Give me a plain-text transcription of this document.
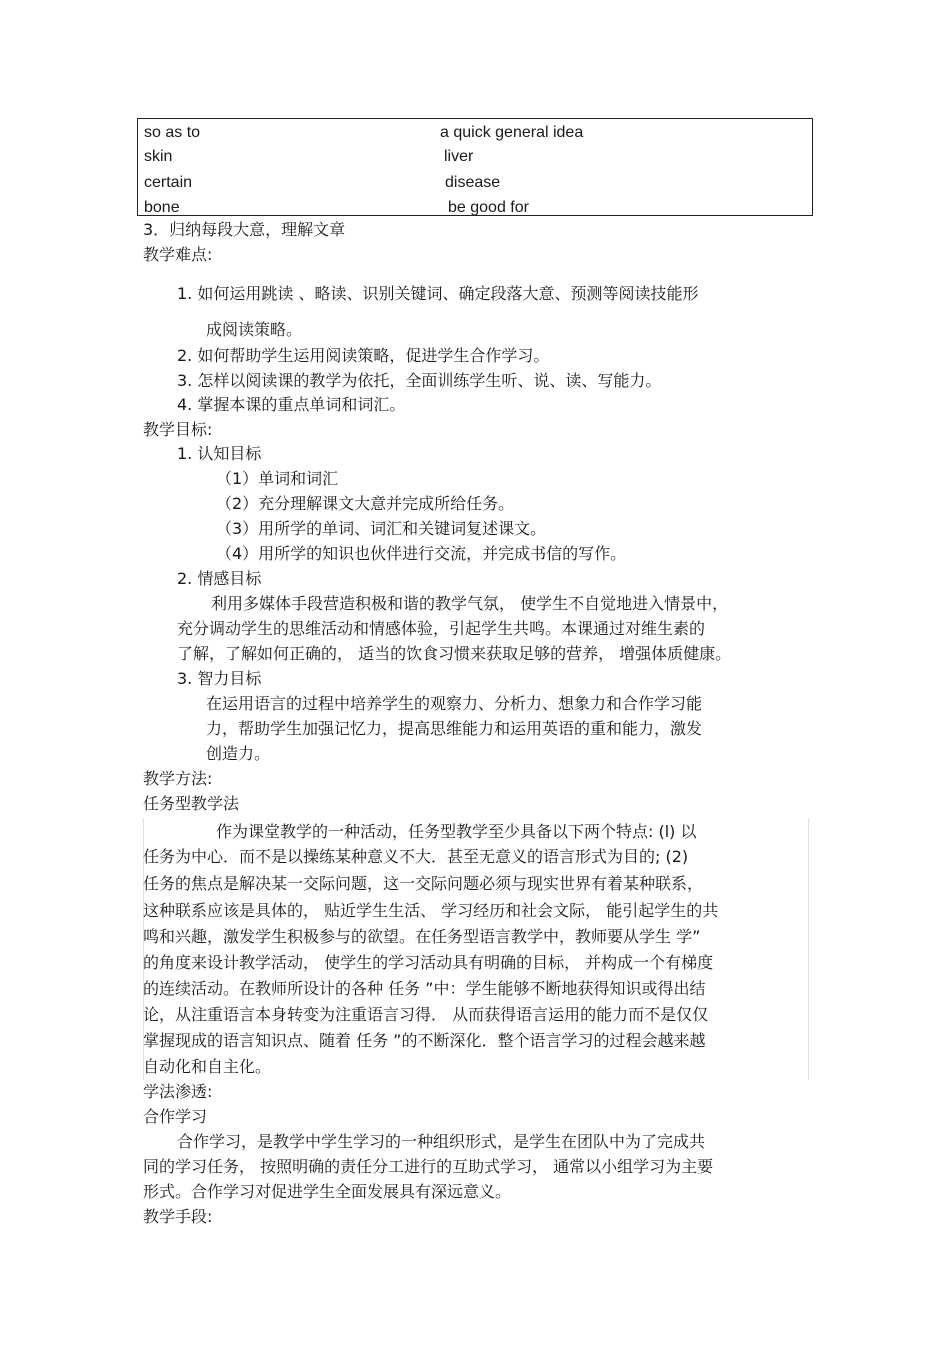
so as to	a quick general idea
skin	liver
certain	disease
bone	be good for
3．归纳每段大意，理解文章
教学难点:
1. 如何运用跳读 、略读、识别关键词、确定段落大意、预测等阅读技能形
成阅读策略。
2. 如何帮助学生运用阅读策略，促进学生合作学习。
3. 怎样以阅读课的教学为依托，全面训练学生听、说、读、写能力。
4. 掌握本课的重点单词和词汇。
教学目标:
1. 认知目标
（1）单词和词汇
（2）充分理解课文大意并完成所给任务。
（3）用所学的单词、词汇和关键词复述课文。
（4）用所学的知识也伙伴进行交流，并完成书信的写作。
2. 情感目标
利用多媒体手段营造积极和谐的教学气氛， 使学生不自觉地进入情景中，
充分调动学生的思维活动和情感体验，引起学生共鸣。本课通过对维生素的
了解，了解如何正确的， 适当的饮食习惯来获取足够的营养， 增强体质健康。
3. 智力目标
在运用语言的过程中培养学生的观察力、分析力、想象力和合作学习能
力，帮助学生加强记忆力，提高思维能力和运用英语的重和能力，激发
创造力。
教学方法:
任务型教学法
作为课堂教学的一种活动，任务型教学至少具备以下两个特点: (l) 以
任务为中心．而不是以操练某种意义不大．甚至无意义的语言形式为目的; (2)
任务的焦点是解决某一交际问题，这一交际问题必须与现实世界有着某种联系，
这种联系应该是具体的， 贴近学生生活、 学习经历和社会文际， 能引起学生的共
鸣和兴趣，激发学生积极参与的欲望。在任务型语言教学中，教师要从学生 学”
的角度来设计教学活动， 使学生的学习活动具有明确的目标， 并构成一个有梯度
的连续活动。在教师所设计的各种 任务 ”中：学生能够不断地获得知识或得出结
论，从注重语言本身转变为注重语言习得． 从而获得语言运用的能力而不是仅仅
掌握现成的语言知识点、随着 任务 ”的不断深化．整个语言学习的过程会越来越
自动化和自主化。
学法渗透:
合作学习
合作学习，是教学中学生学习的一种组织形式，是学生在团队中为了完成共
同的学习任务， 按照明确的责任分工进行的互助式学习， 通常以小组学习为主要
形式。合作学习对促进学生全面发展具有深远意义。
教学手段:
